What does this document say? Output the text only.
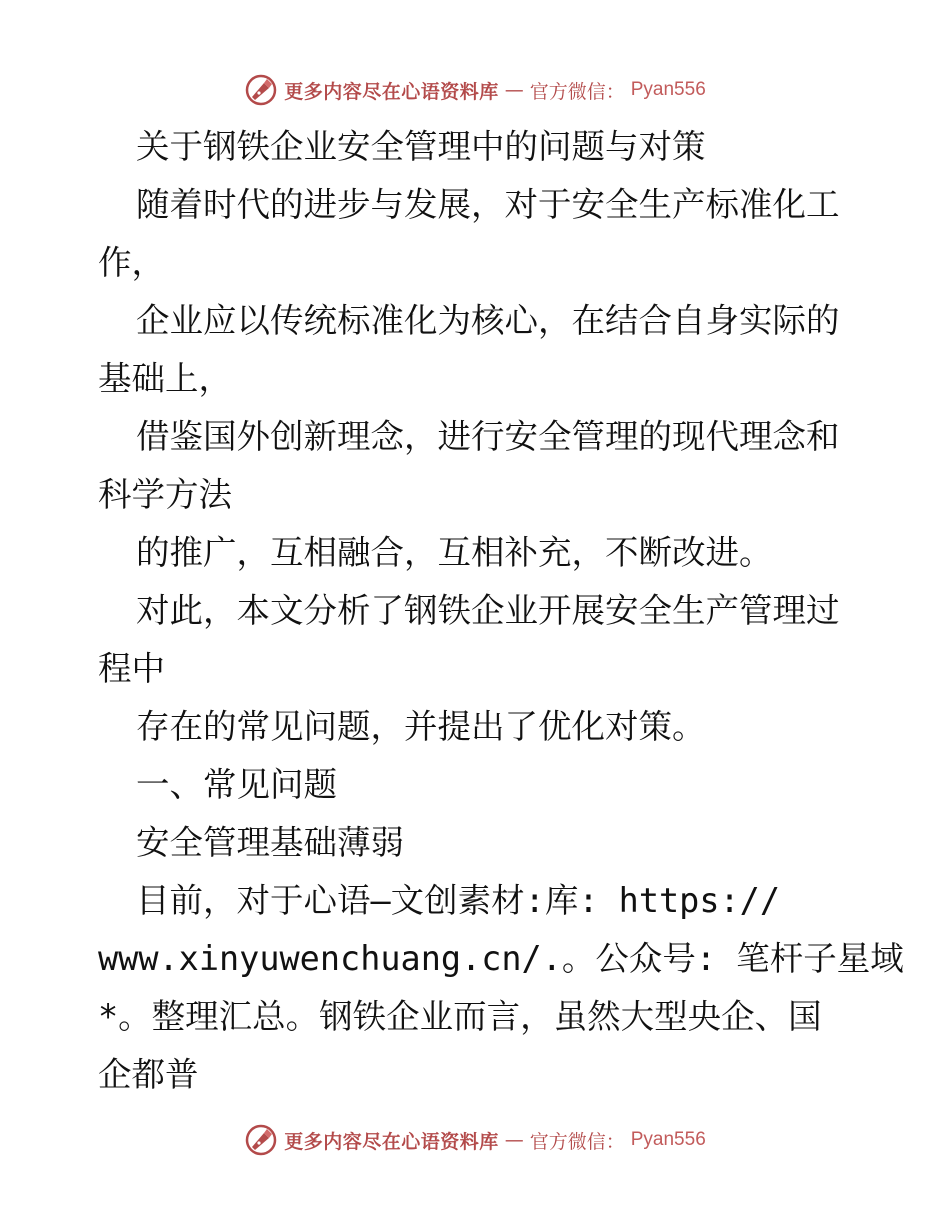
更多内容尽在心语资料库 — 官方微信： Pyan556
关于钢铁企业安全管理中的问题与对策
随着时代的进步与发展，对于安全生产标准化工
作，
企业应以传统标准化为核心，在结合自身实际的
基础上，
借鉴国外创新理念，进行安全管理的现代理念和
科学方法
的推广，互相融合，互相补充，不断改进。
对此，本文分析了钢铁企业开展安全生产管理过
程中
存在的常见问题，并提出了优化对策。
一、常见问题
安全管理基础薄弱
目前，对于心语—文创素材:库: https://
www.xinyuwenchuang.cn/.。公众号: 笔杆子星域
*。整理汇总。钢铁企业而言，虽然大型央企、国
企都普
更多内容尽在心语资料库 — 官方微信： Pyan556
